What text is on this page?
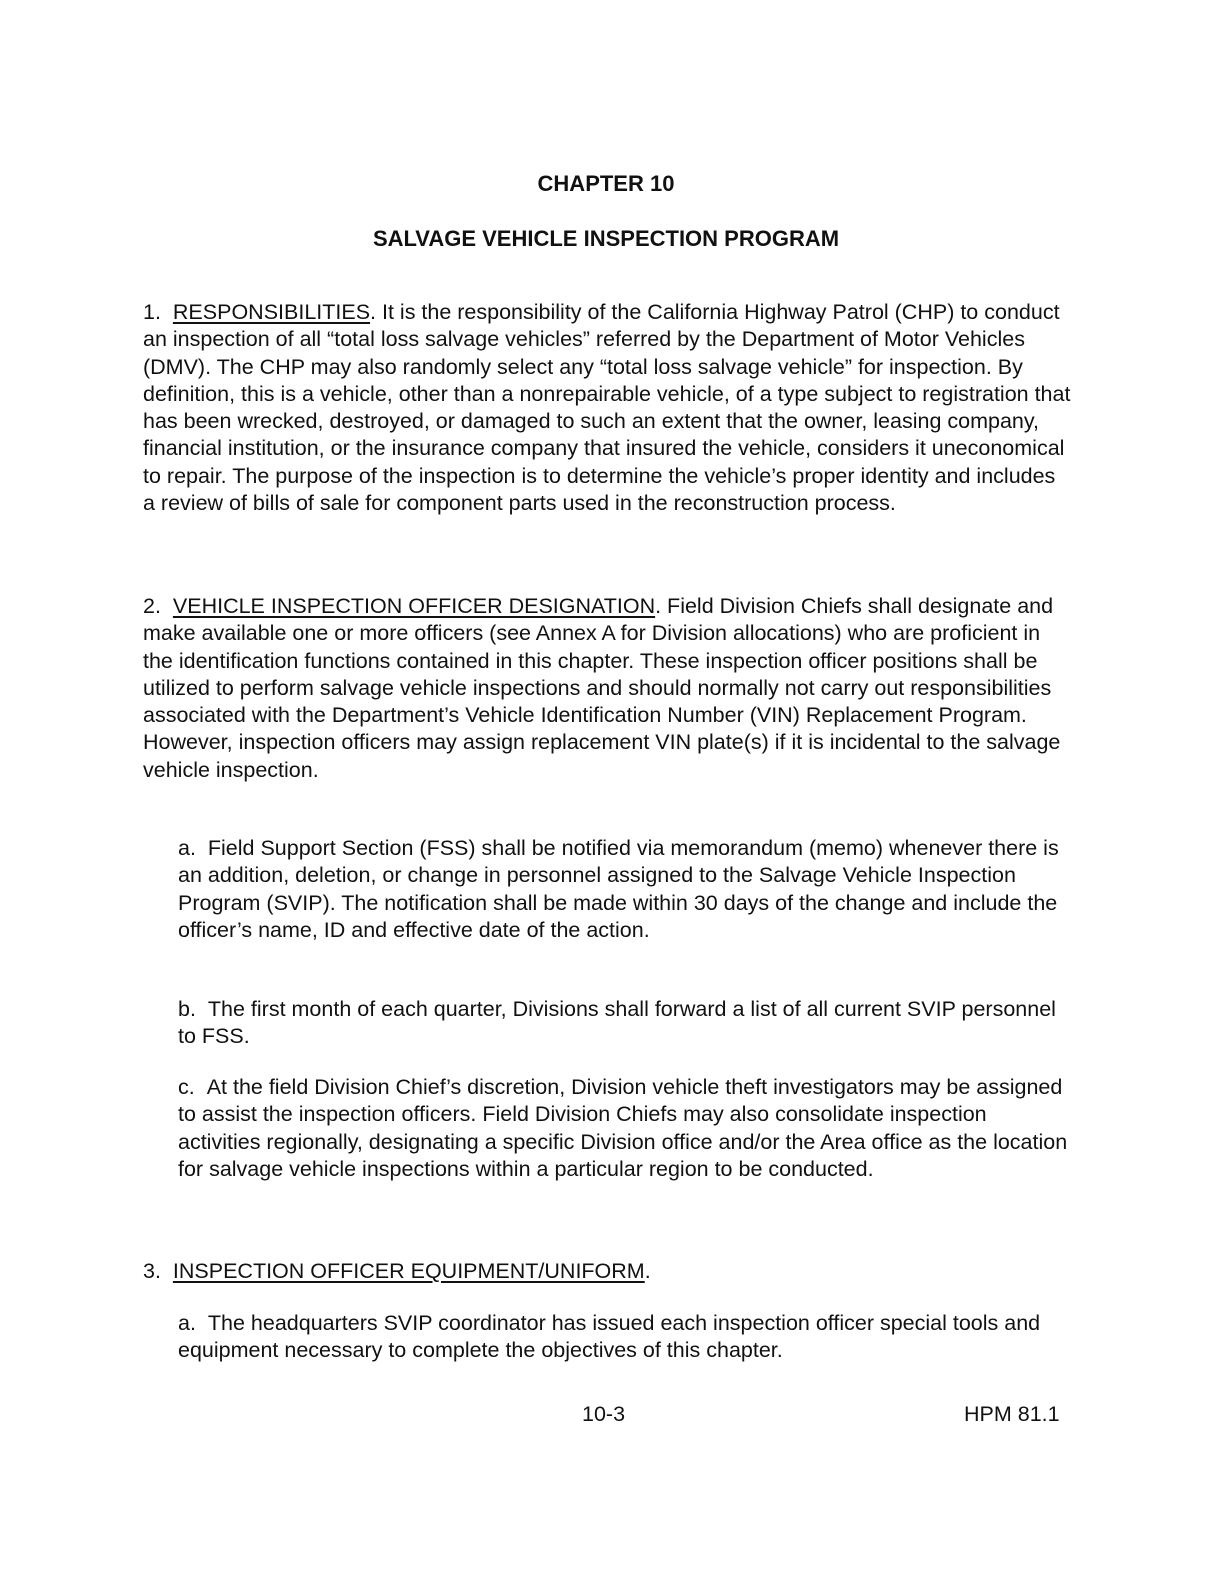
CHAPTER 10
SALVAGE VEHICLE INSPECTION PROGRAM

1. RESPONSIBILITIES. It is the responsibility of the California Highway Patrol (CHP) to conduct an inspection of all “total loss salvage vehicles” referred by the Department of Motor Vehicles (DMV). The CHP may also randomly select any “total loss salvage vehicle” for inspection. By definition, this is a vehicle, other than a nonrepairable vehicle, of a type subject to registration that has been wrecked, destroyed, or damaged to such an extent that the owner, leasing company, financial institution, or the insurance company that insured the vehicle, considers it uneconomical to repair. The purpose of the inspection is to determine the vehicle’s proper identity and includes a review of bills of sale for component parts used in the reconstruction process.

2. VEHICLE INSPECTION OFFICER DESIGNATION. Field Division Chiefs shall designate and make available one or more officers (see Annex A for Division allocations) who are proficient in the identification functions contained in this chapter. These inspection officer positions shall be utilized to perform salvage vehicle inspections and should normally not carry out responsibilities associated with the Department’s Vehicle Identification Number (VIN) Replacement Program. However, inspection officers may assign replacement VIN plate(s) if it is incidental to the salvage vehicle inspection.

a. Field Support Section (FSS) shall be notified via memorandum (memo) whenever there is an addition, deletion, or change in personnel assigned to the Salvage Vehicle Inspection Program (SVIP). The notification shall be made within 30 days of the change and include the officer’s name, ID and effective date of the action.

b. The first month of each quarter, Divisions shall forward a list of all current SVIP personnel to FSS.

c. At the field Division Chief’s discretion, Division vehicle theft investigators may be assigned to assist the inspection officers. Field Division Chiefs may also consolidate inspection activities regionally, designating a specific Division office and/or the Area office as the location for salvage vehicle inspections within a particular region to be conducted.

3. INSPECTION OFFICER EQUIPMENT/UNIFORM.

a. The headquarters SVIP coordinator has issued each inspection officer special tools and equipment necessary to complete the objectives of this chapter.

10-3	HPM 81.1
